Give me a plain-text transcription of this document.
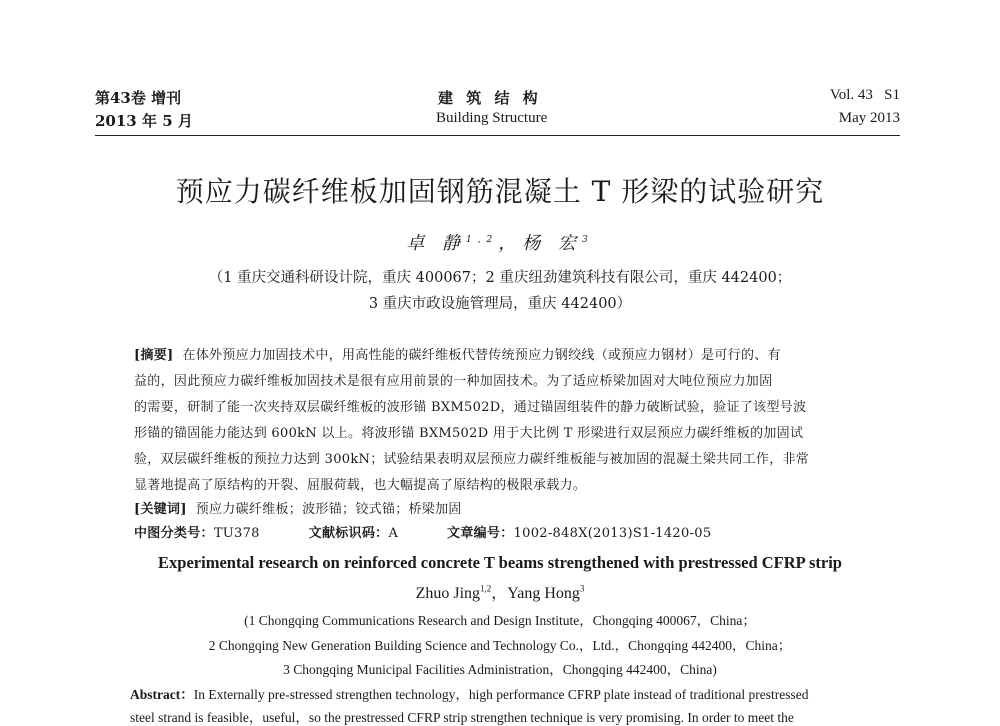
第43卷 增刊
2013 年 5 月
建 筑 结 构
Building Structure
Vol. 43   S1
May 2013
预应力碳纤维板加固钢筋混凝土 T 形梁的试验研究
卓 静$^{1,2}$，杨 宏$^3$
（1 重庆交通科研设计院，重庆 400067；2 重庆纽劲建筑科技有限公司，重庆 442400；
3 重庆市政设施管理局，重庆 442400）
[摘要] 在体外预应力加固技术中，用高性能的碳纤维板代替传统预应力钢绞线（或预应力钢材）是可行的、有
益的，因此预应力碳纤维板加固技术是很有应用前景的一种加固技术。为了适应桥梁加固对大吨位预应力加固
的需要，研制了能一次夹持双层碳纤维板的波形锚 BXM502D，通过锚固组装件的静力破断试验，验证了该型号波
形锚的锚固能力能达到 600kN 以上。将波形锚 BXM502D 用于大比例 T 形梁进行双层预应力碳纤维板的加固试
验，双层碳纤维板的预拉力达到 300kN；试验结果表明双层预应力碳纤维板能与被加固的混凝土梁共同工作，非常
显著地提高了原结构的开裂、屈服荷载，也大幅提高了原结构的极限承载力。
[关键词] 预应力碳纤维板；波形锚；铰式锚；桥梁加固
中图分类号：TU378	文献标识码：A	文章编号：1002-848X(2013)S1-1420-05
Experimental research on reinforced concrete T beams strengthened with prestressed CFRP strip
Zhuo Jing$^{1,2}$，Yang Hong$^3$
(1 Chongqing Communications Research and Design Institute，Chongqing 400067，China；
2 Chongqing New Generation Building Science and Technology Co.，Ltd.，Chongqing 442400，China；
3 Chongqing Municipal Facilities Administration，Chongqing 442400，China)
Abstract：In Externally pre-stressed strengthen technology，high performance CFRP plate instead of traditional prestressed
steel strand is feasible，useful，so the prestressed CFRP strip strengthen technique is very promising. In order to meet the
